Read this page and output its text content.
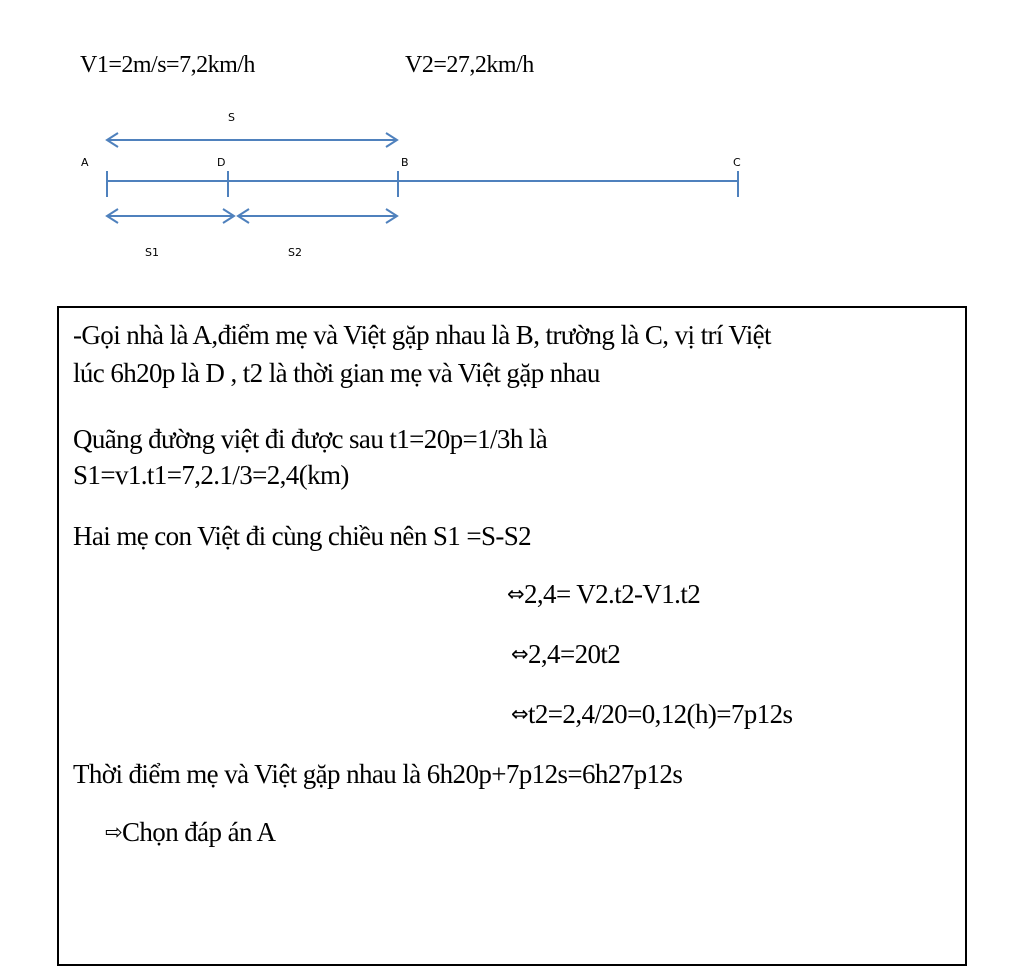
V1=2m/s=7,2km/h	V2=27,2km/h
S
A	D	B	C
S1	S2
-Gọi nhà là A,điểm mẹ và Việt gặp nhau là B, trường là C, vị trí Việt
lúc 6h20p là D , t2 là thời gian mẹ và Việt gặp nhau
Quãng đường việt đi được sau t1=20p=1/3h là
S1=v1.t1=7,2.1/3=2,4(km)
Hai mẹ con Việt đi cùng chiều nên S1 =S-S2
⇔2,4= V2.t2-V1.t2
⇔2,4=20t2
⇔t2=2,4/20=0,12(h)=7p12s
Thời điểm mẹ và Việt gặp nhau là 6h20p+7p12s=6h27p12s
⇨Chọn đáp án A
